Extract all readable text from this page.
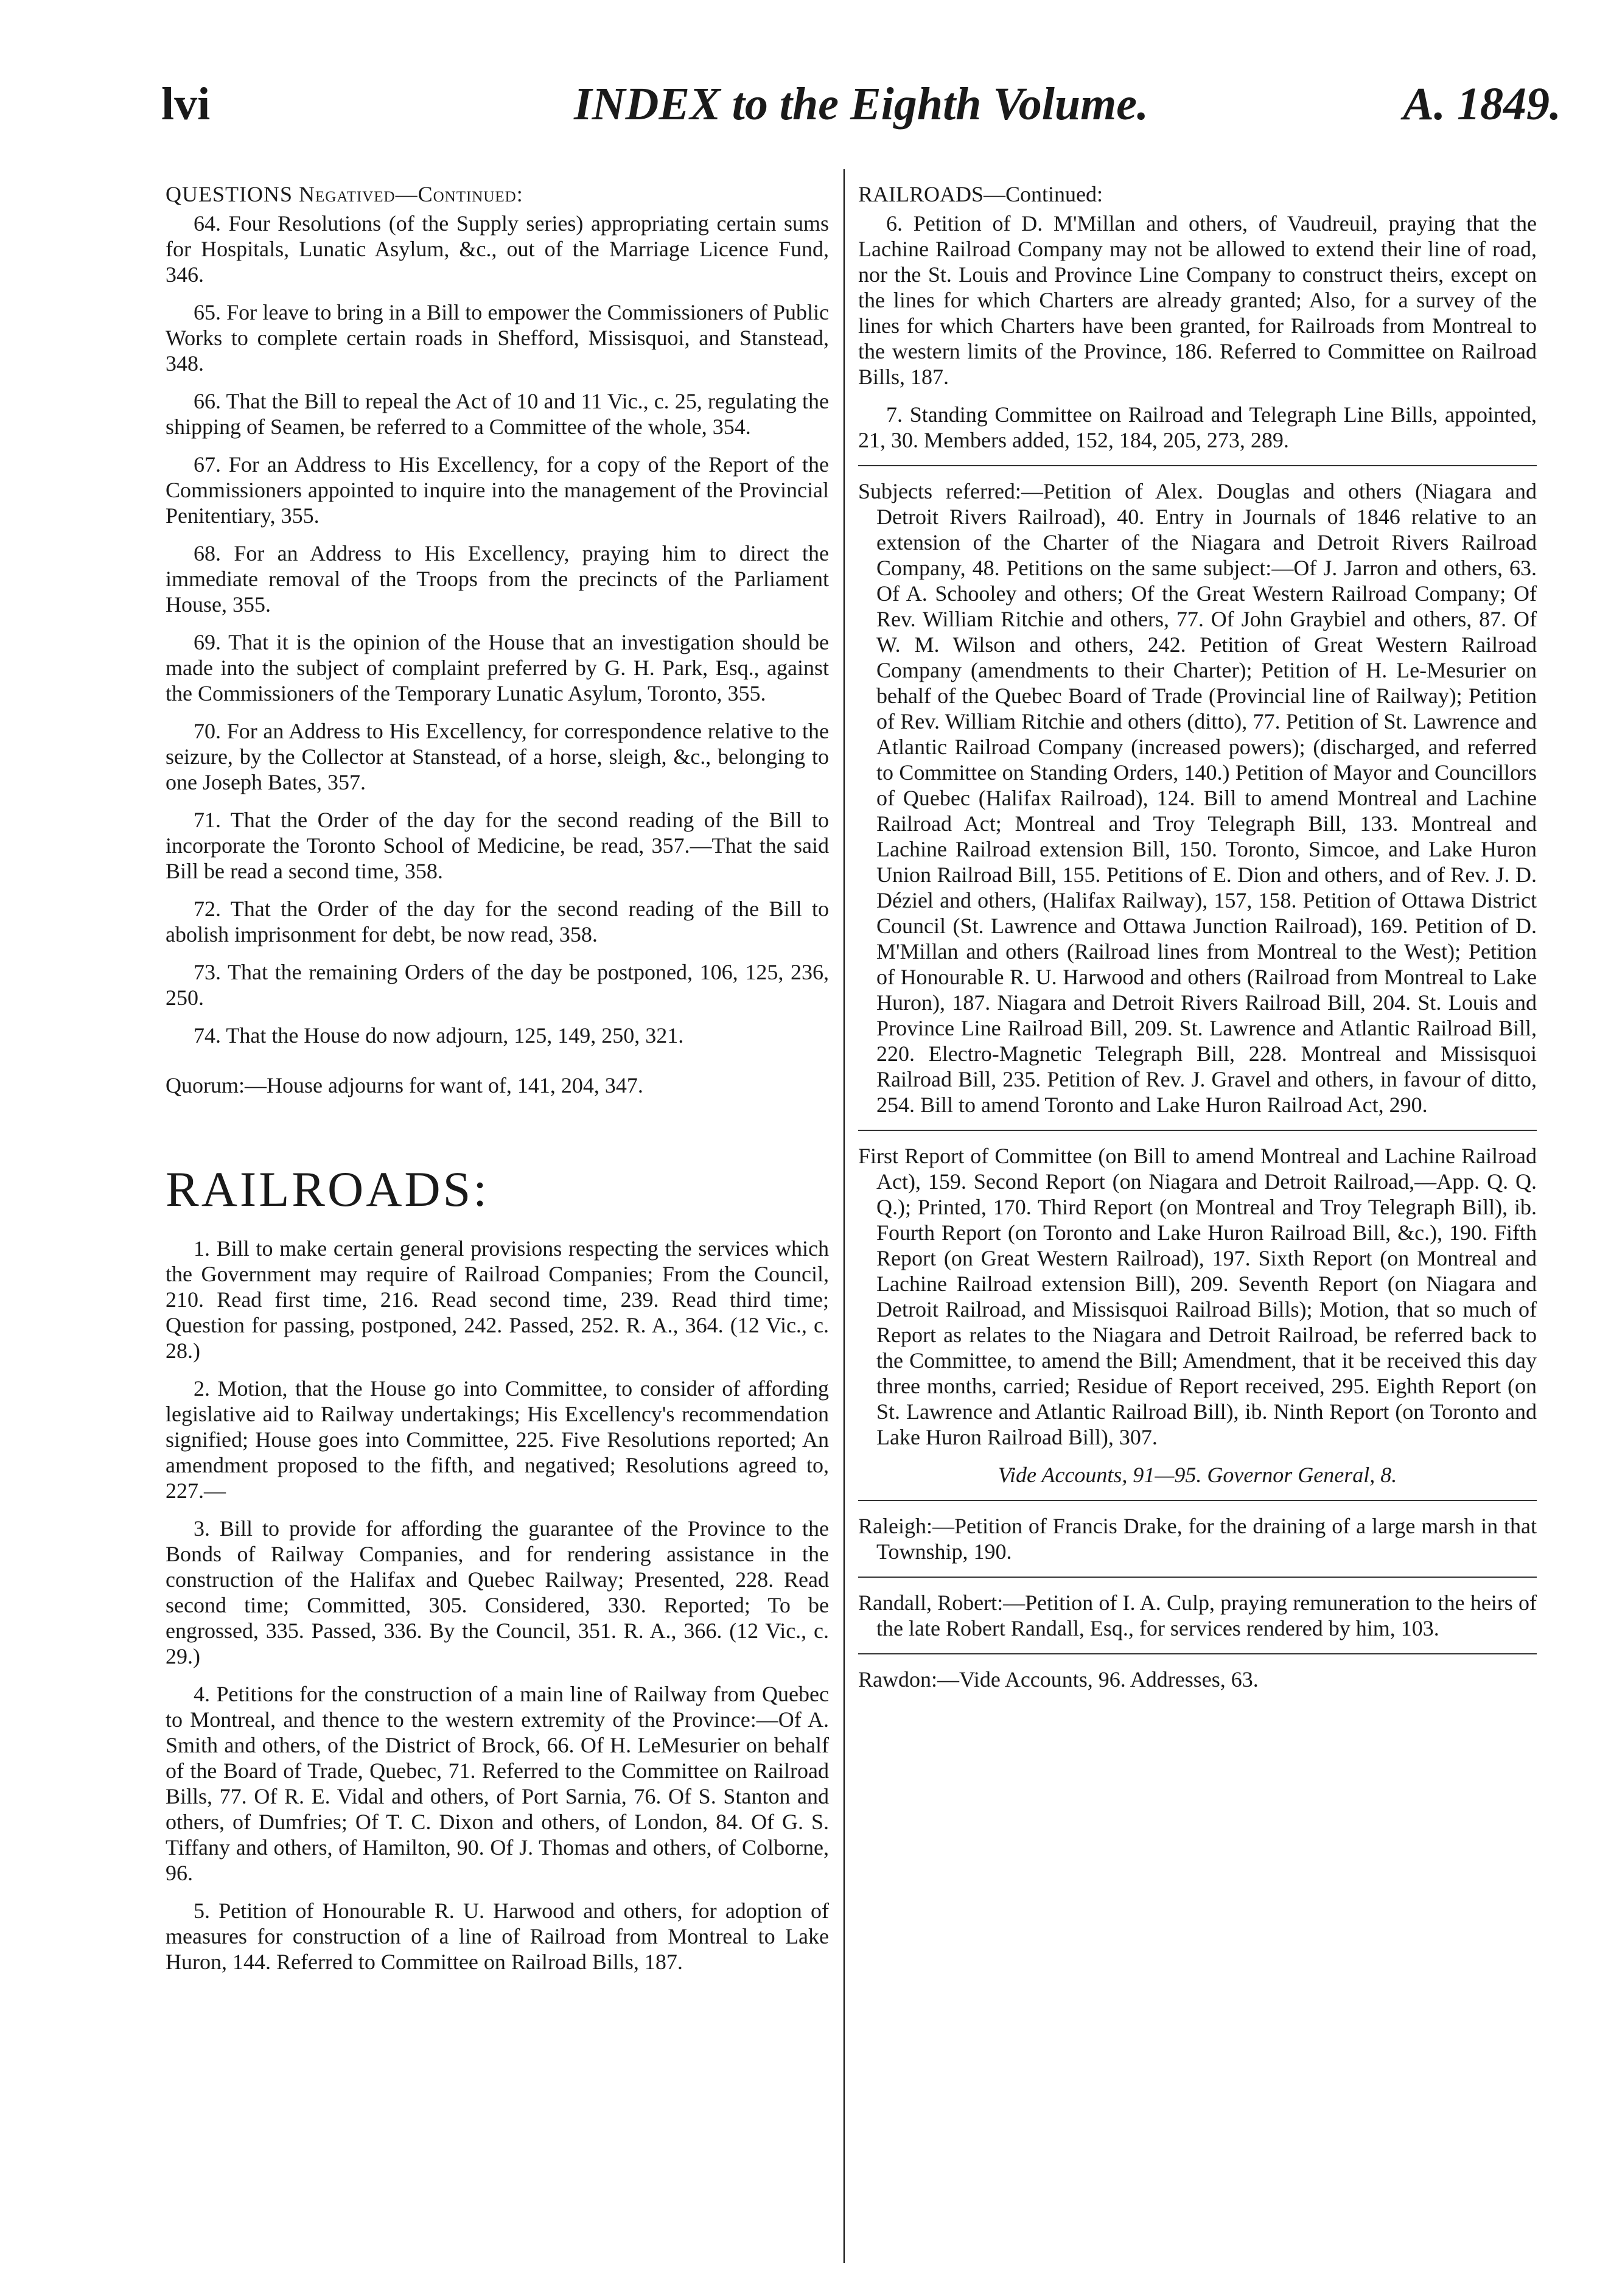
INDEX to the Eighth Volume.
lvi	A. 1849.

QUESTIONS Negatived—Continued:

64. Four Resolutions (of the Supply series) appropriating certain sums for Hospitals, Lunatic Asylum, &c., out of the Marriage Licence Fund, 346.

65. For leave to bring in a Bill to empower the Commissioners of Public Works to complete certain roads in Shefford, Missisquoi, and Stanstead, 348.

66. That the Bill to repeal the Act of 10 and 11 Vic., c. 25, regulating the shipping of Seamen, be referred to a Committee of the whole, 354.

67. For an Address to His Excellency, for a copy of the Report of the Commissioners appointed to inquire into the management of the Provincial Penitentiary, 355.

68. For an Address to His Excellency, praying him to direct the immediate removal of the Troops from the precincts of the Parliament House, 355.

69. That it is the opinion of the House that an investigation should be made into the subject of complaint preferred by G. H. Park, Esq., against the Commissioners of the Temporary Lunatic Asylum, Toronto, 355.

70. For an Address to His Excellency, for correspondence relative to the seizure, by the Collector at Stanstead, of a horse, sleigh, &c., belonging to one Joseph Bates, 357.

71. That the Order of the day for the second reading of the Bill to incorporate the Toronto School of Medicine, be read, 357.—That the said Bill be read a second time, 358.

72. That the Order of the day for the second reading of the Bill to abolish imprisonment for debt, be now read, 358.

73. That the remaining Orders of the day be postponed, 106, 125, 236, 250.

74. That the House do now adjourn, 125, 149, 250, 321.

Quorum:—House adjourns for want of, 141, 204, 347.

RAILROADS:

1. Bill to make certain general provisions respecting the services which the Government may require of Railroad Companies; From the Council, 210. Read first time, 216. Read second time, 239. Read third time; Question for passing, postponed, 242. Passed, 252. R. A., 364. (12 Vic., c. 28.)

2. Motion, that the House go into Committee, to consider of affording legislative aid to Railway undertakings; His Excellency's recommendation signified; House goes into Committee, 225. Five Resolutions reported; An amendment proposed to the fifth, and negatived; Resolutions agreed to, 227.—

3. Bill to provide for affording the guarantee of the Province to the Bonds of Railway Companies, and for rendering assistance in the construction of the Halifax and Quebec Railway; Presented, 228. Read second time; Committed, 305. Considered, 330. Reported; To be engrossed, 335. Passed, 336. By the Council, 351. R. A., 366. (12 Vic., c. 29.)

4. Petitions for the construction of a main line of Railway from Quebec to Montreal, and thence to the western extremity of the Province:—Of A. Smith and others, of the District of Brock, 66. Of H. LeMesurier on behalf of the Board of Trade, Quebec, 71. Referred to the Committee on Railroad Bills, 77. Of R. E. Vidal and others, of Port Sarnia, 76. Of S. Stanton and others, of Dumfries; Of T. C. Dixon and others, of London, 84. Of G. S. Tiffany and others, of Hamilton, 90. Of J. Thomas and others, of Colborne, 96.

5. Petition of Honourable R. U. Harwood and others, for adoption of measures for construction of a line of Railroad from Montreal to Lake Huron, 144. Referred to Committee on Railroad Bills, 187.

RAILROADS—Continued:

6. Petition of D. M'Millan and others, of Vaudreuil, praying that the Lachine Railroad Company may not be allowed to extend their line of road, nor the St. Louis and Province Line Company to construct theirs, except on the lines for which Charters are already granted; Also, for a survey of the lines for which Charters have been granted, for Railroads from Montreal to the western limits of the Province, 186. Referred to Committee on Railroad Bills, 187.

7. Standing Committee on Railroad and Telegraph Line Bills, appointed, 21, 30. Members added, 152, 184, 205, 273, 289.

Subjects referred:—Petition of Alex. Douglas and others (Niagara and Detroit Rivers Railroad), 40. Entry in Journals of 1846 relative to an extension of the Charter of the Niagara and Detroit Rivers Railroad Company, 48. Petitions on the same subject:—Of J. Jarron and others, 63. Of A. Schooley and others; Of the Great Western Railroad Company; Of Rev. William Ritchie and others, 77. Of John Graybiel and others, 87. Of W. M. Wilson and others, 242. Petition of Great Western Railroad Company (amendments to their Charter); Petition of H. Le-Mesurier on behalf of the Quebec Board of Trade (Provincial line of Railway); Petition of Rev. William Ritchie and others (ditto), 77. Petition of St. Lawrence and Atlantic Railroad Company (increased powers); (discharged, and referred to Committee on Standing Orders, 140.) Petition of Mayor and Councillors of Quebec (Halifax Railroad), 124. Bill to amend Montreal and Lachine Railroad Act; Montreal and Troy Telegraph Bill, 133. Montreal and Lachine Railroad extension Bill, 150. Toronto, Simcoe, and Lake Huron Union Railroad Bill, 155. Petitions of E. Dion and others, and of Rev. J. D. Déziel and others, (Halifax Railway), 157, 158. Petition of Ottawa District Council (St. Lawrence and Ottawa Junction Railroad), 169. Petition of D. M'Millan and others (Railroad lines from Montreal to the West); Petition of Honourable R. U. Harwood and others (Railroad from Montreal to Lake Huron), 187. Niagara and Detroit Rivers Railroad Bill, 204. St. Louis and Province Line Railroad Bill, 209. St. Lawrence and Atlantic Railroad Bill, 220. Electro-Magnetic Telegraph Bill, 228. Montreal and Missisquoi Railroad Bill, 235. Petition of Rev. J. Gravel and others, in favour of ditto, 254. Bill to amend Toronto and Lake Huron Railroad Act, 290.

First Report of Committee (on Bill to amend Montreal and Lachine Railroad Act), 159. Second Report (on Niagara and Detroit Railroad,—App. Q. Q. Q.); Printed, 170. Third Report (on Montreal and Troy Telegraph Bill), ib. Fourth Report (on Toronto and Lake Huron Railroad Bill, &c.), 190. Fifth Report (on Great Western Railroad), 197. Sixth Report (on Montreal and Lachine Railroad extension Bill), 209. Seventh Report (on Niagara and Detroit Railroad, and Missisquoi Railroad Bills); Motion, that so much of Report as relates to the Niagara and Detroit Railroad, be referred back to the Committee, to amend the Bill; Amendment, that it be received this day three months, carried; Residue of Report received, 295. Eighth Report (on St. Lawrence and Atlantic Railroad Bill), ib. Ninth Report (on Toronto and Lake Huron Railroad Bill), 307.

Vide Accounts, 91—95. Governor General, 8.

Raleigh:—Petition of Francis Drake, for the draining of a large marsh in that Township, 190.

Randall, Robert:—Petition of I. A. Culp, praying remuneration to the heirs of the late Robert Randall, Esq., for services rendered by him, 103.

Rawdon:—Vide Accounts, 96. Addresses, 63.
